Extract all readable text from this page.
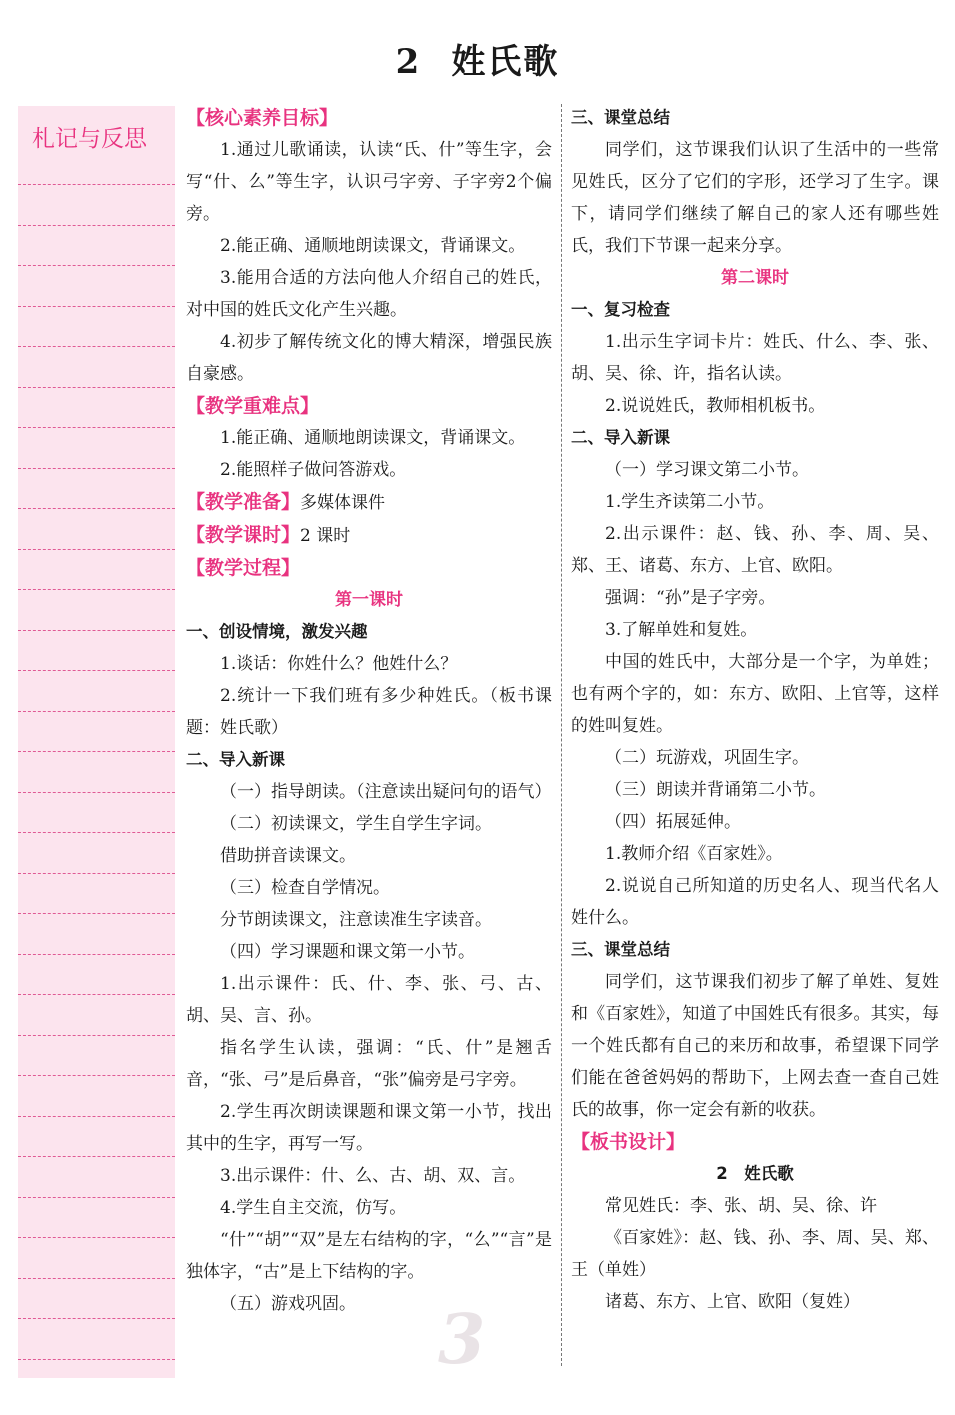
2 姓氏歌
札记与反思

【核心素养目标】

1.通过儿歌诵读，认读“氏、什”等生字，会写“什、么”等生字，认识弓字旁、子字旁2个偏旁。

2.能正确、通顺地朗读课文，背诵课文。

3.能用合适的方法向他人介绍自己的姓氏，对中国的姓氏文化产生兴趣。

4.初步了解传统文化的博大精深，增强民族自豪感。

【教学重难点】

1.能正确、通顺地朗读课文，背诵课文。

2.能照样子做问答游戏。

【教学准备】多媒体课件

【教学课时】2 课时

【教学过程】

第一课时

一、创设情境，激发兴趣

1.谈话：你姓什么？他姓什么？

2.统计一下我们班有多少种姓氏。（板书课题：姓氏歌）

二、导入新课

（一）指导朗读。（注意读出疑问句的语气）

（二）初读课文，学生自学生字词。

借助拼音读课文。

（三）检查自学情况。

分节朗读课文，注意读准生字读音。

（四）学习课题和课文第一小节。

1.出示课件：氏、什、李、张、弓、古、胡、吴、言、孙。

指名学生认读，强调：“氏、什”是翘舌音，“张、弓”是后鼻音，“张”偏旁是弓字旁。

2.学生再次朗读课题和课文第一小节，找出其中的生字，再写一写。

3.出示课件：什、么、古、胡、双、言。

4.学生自主交流，仿写。

“什”“胡”“双”是左右结构的字，“么”“言”是独体字，“古”是上下结构的字。

（五）游戏巩固。

三、课堂总结

同学们，这节课我们认识了生活中的一些常见姓氏，区分了它们的字形，还学习了生字。课下，请同学们继续了解自己的家人还有哪些姓氏，我们下节课一起来分享。

第二课时

一、复习检查

1.出示生字词卡片：姓氏、什么、李、张、胡、吴、徐、许，指名认读。

2.说说姓氏，教师相机板书。

二、导入新课

（一）学习课文第二小节。

1.学生齐读第二小节。

2.出示课件：赵、钱、孙、李、周、吴、郑、王、诸葛、东方、上官、欧阳。

强调：“孙”是子字旁。

3.了解单姓和复姓。

中国的姓氏中，大部分是一个字，为单姓；也有两个字的，如：东方、欧阳、上官等，这样的姓叫复姓。

（二）玩游戏，巩固生字。

（三）朗读并背诵第二小节。

（四）拓展延伸。

1.教师介绍《百家姓》。

2.说说自己所知道的历史名人、现当代名人姓什么。

三、课堂总结

同学们，这节课我们初步了解了单姓、复姓和《百家姓》，知道了中国姓氏有很多。其实，每一个姓氏都有自己的来历和故事，希望课下同学们能在爸爸妈妈的帮助下，上网去查一查自己姓氏的故事，你一定会有新的收获。

【板书设计】

2　姓氏歌

常见姓氏：李、张、胡、吴、徐、许

《百家姓》：赵、钱、孙、李、周、吴、郑、王（单姓）

诸葛、东方、上官、欧阳（复姓）

3
